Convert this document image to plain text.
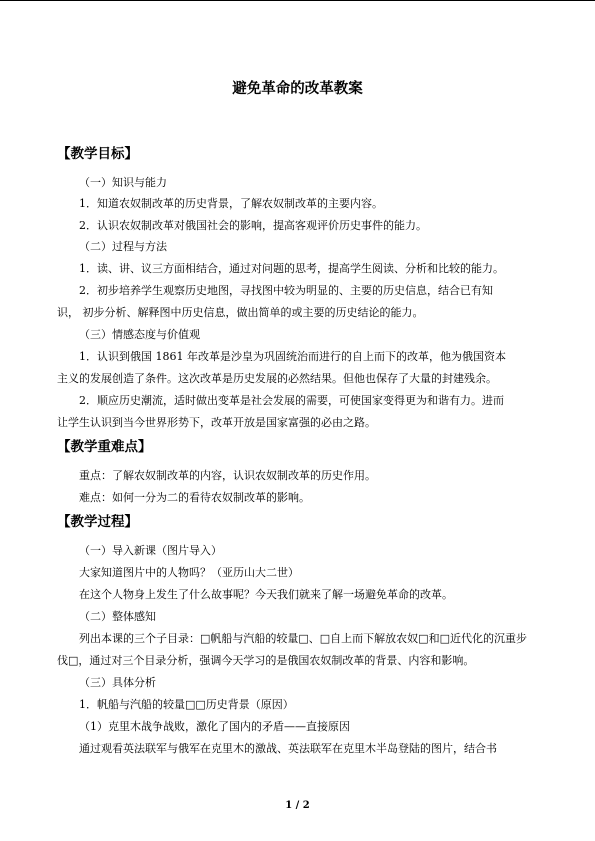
避免革命的改革教案
【教学目标】
（一）知识与能力
1．知道农奴制改革的历史背景，了解农奴制改革的主要内容。
2．认识农奴制改革对俄国社会的影响，提高客观评价历史事件的能力。
（二）过程与方法
1．读、讲、议三方面相结合，通过对问题的思考，提高学生阅读、分析和比较的能力。
2．初步培养学生观察历史地图，寻找图中较为明显的、主要的历史信息，结合已有知
识， 初步分析、解释图中历史信息，做出简单的或主要的历史结论的能力。
（三）情感态度与价值观
1．认识到俄国 1861 年改革是沙皇为巩固统治而进行的自上而下的改革，他为俄国资本
主义的发展创造了条件。这次改革是历史发展的必然结果。但他也保存了大量的封建残余。
2．顺应历史潮流，适时做出变革是社会发展的需要，可使国家变得更为和谐有力。进而
让学生认识到当今世界形势下，改革开放是国家富强的必由之路。
【教学重难点】
重点：了解农奴制改革的内容，认识农奴制改革的历史作用。
难点：如何一分为二的看待农奴制改革的影响。
【教学过程】
（一）导入新课（图片导入）
大家知道图片中的人物吗？（亚历山大二世）
在这个人物身上发生了什么故事呢？今天我们就来了解一场避免革命的改革。
（二）整体感知
列出本课的三个子目录：□帆船与汽船的较量□、□自上而下解放农奴□和□近代化的沉重步
伐□，通过对三个目录分析，强调今天学习的是俄国农奴制改革的背景、内容和影响。
（三）具体分析
1．帆船与汽船的较量□□历史背景（原因）
（1）克里木战争战败，激化了国内的矛盾——直接原因
通过观看英法联军与俄军在克里木的激战、英法联军在克里木半岛登陆的图片，结合书
1 / 2
